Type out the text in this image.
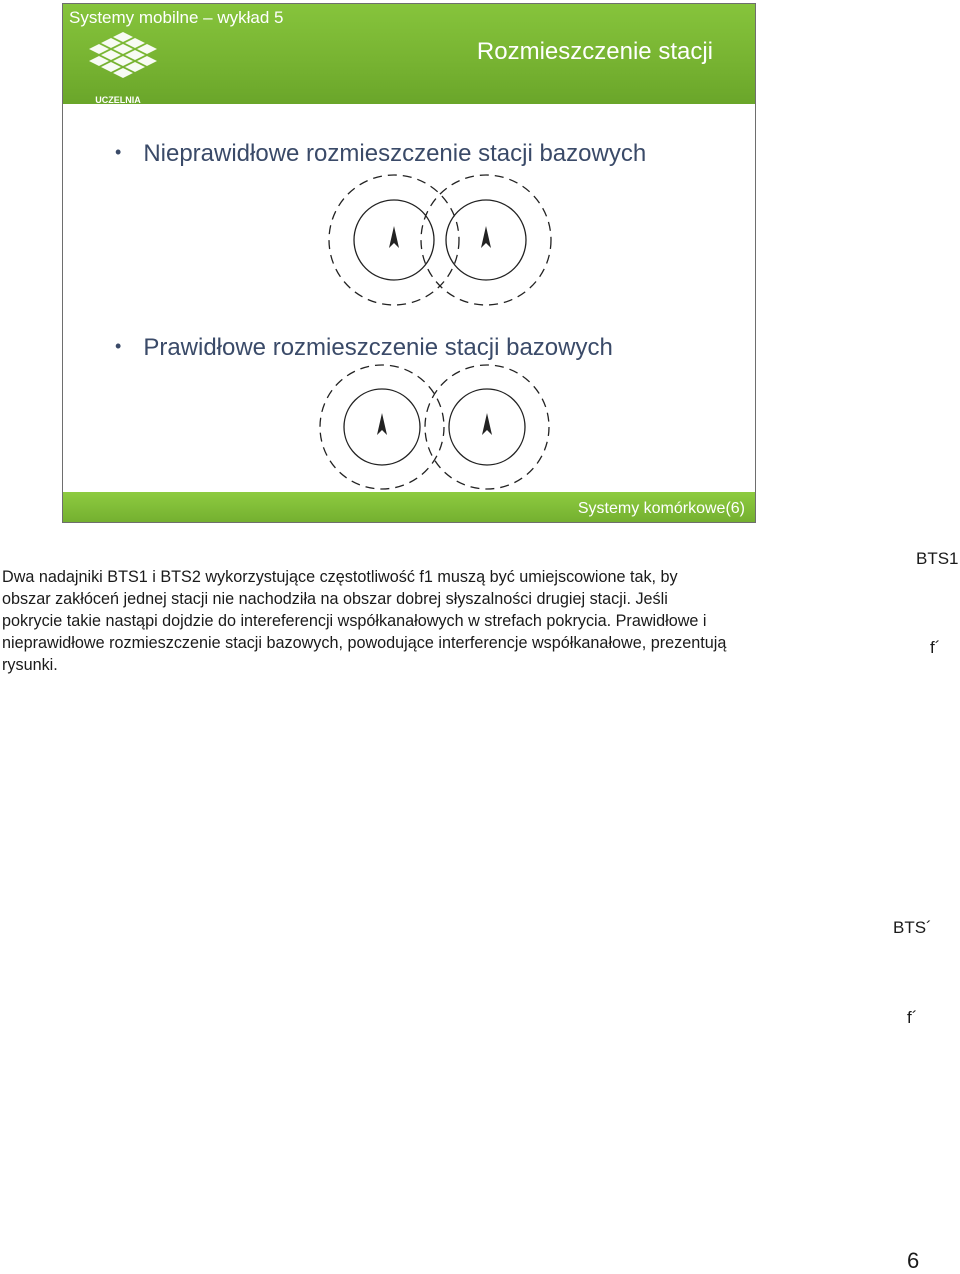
Systemy mobilne – wykład 5
Rozmieszczenie stacji
UCZELNIA
ONLINE
• Nieprawidłowe rozmieszczenie stacji bazowych
• Prawidłowe rozmieszczenie stacji bazowych
Systemy komórkowe(6)
Dwa nadajniki BTS1 i BTS2 wykorzystujące częstotliwość f1 muszą być umiejscowione tak, by
obszar zakłóceń jednej stacji nie nachodziła na obszar dobrej słyszalności drugiej stacji. Jeśli
pokrycie takie nastąpi dojdzie do intereferencji współkanałowych w strefach pokrycia. Prawidłowe i
nieprawidłowe rozmieszczenie stacji bazowych, powodujące interferencje współkanałowe, prezentują
rysunki.
BTS1
f´
BTS´
f´
6
